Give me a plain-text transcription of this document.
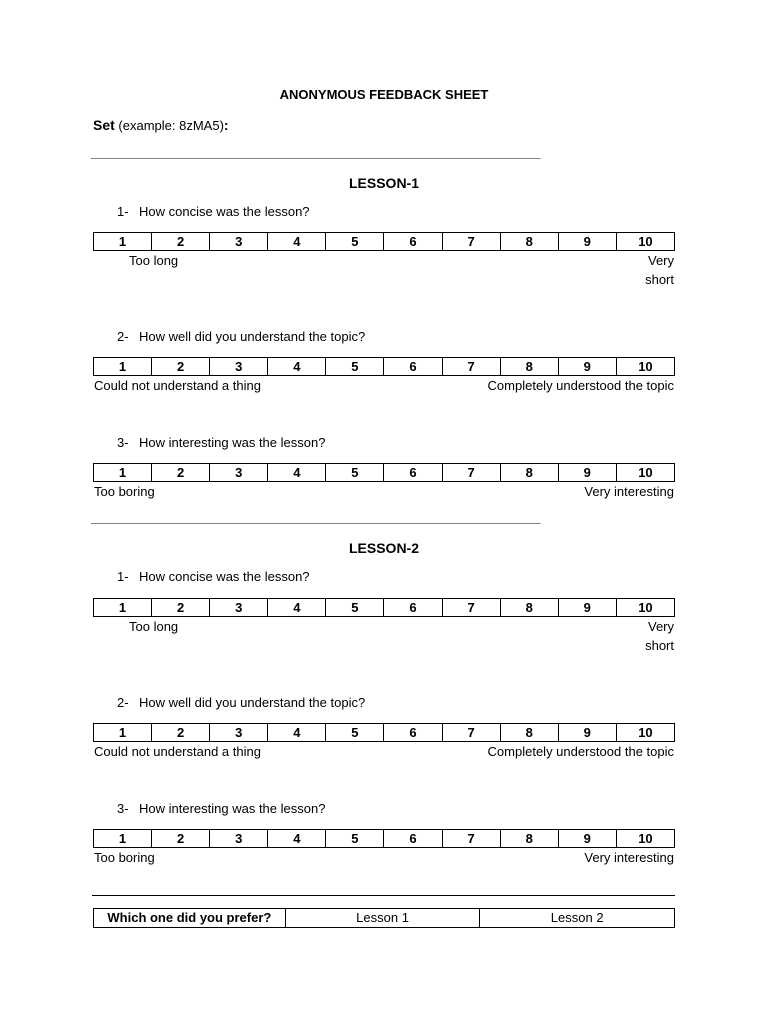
ANONYMOUS FEEDBACK SHEET
Set (example: 8zMA5):
________________________________________________________________________
LESSON-1
1- How concise was the lesson?
1	2	3	4	5	6	7	8	9	10
Too long	Very
short
2- How well did you understand the topic?
1	2	3	4	5	6	7	8	9	10
Could not understand a thing	Completely understood the topic
3- How interesting was the lesson?
1	2	3	4	5	6	7	8	9	10
Too boring	Very interesting
________________________________________________________________________
LESSON-2
1- How concise was the lesson?
1	2	3	4	5	6	7	8	9	10
Too long	Very
short
2- How well did you understand the topic?
1	2	3	4	5	6	7	8	9	10
Could not understand a thing	Completely understood the topic
3- How interesting was the lesson?
1	2	3	4	5	6	7	8	9	10
Too boring	Very interesting
Which one did you prefer?	Lesson 1	Lesson 2
